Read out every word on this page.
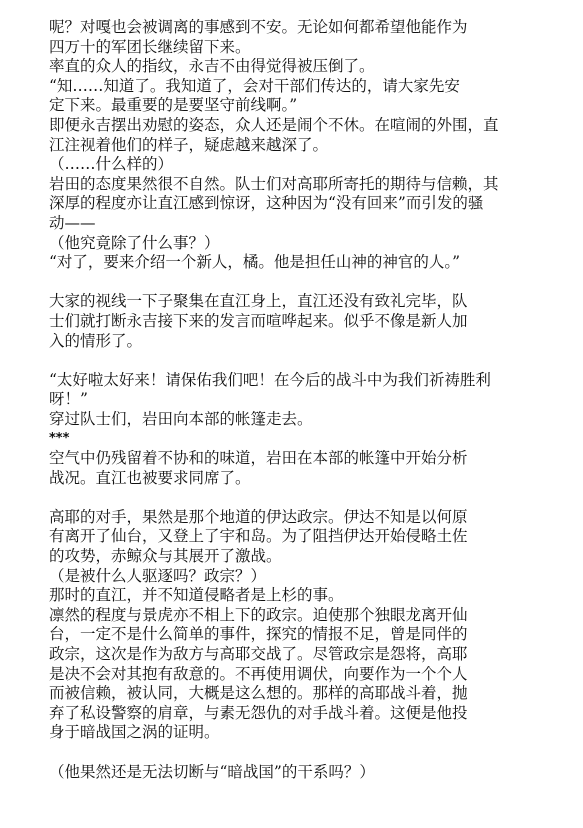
呢？对嘎也会被调离的事感到不安。无论如何都希望他能作为
四万十的军团长继续留下来。
率直的众人的指纹，永吉不由得觉得被压倒了。
“知……知道了。我知道了，会对干部们传达的，请大家先安
定下来。最重要的是要坚守前线啊。”
即便永吉摆出劝慰的姿态，众人还是闹个不休。在喧闹的外围，直
江注视着他们的样子，疑虑越来越深了。
（……什么样的）
岩田的态度果然很不自然。队士们对高耶所寄托的期待与信赖，其
深厚的程度亦让直江感到惊讶，这种因为“没有回来”而引发的骚
动——
（他究竟除了什么事？）
“对了，要来介绍一个新人，橘。他是担任山神的神官的人。”
大家的视线一下子聚集在直江身上，直江还没有致礼完毕，队
士们就打断永吉接下来的发言而喧哗起来。似乎不像是新人加
入的情形了。
“太好啦太好来！请保佑我们吧！在今后的战斗中为我们祈祷胜利
呀！”
穿过队士们，岩田向本部的帐篷走去。
***
空气中仍残留着不协和的味道，岩田在本部的帐篷中开始分析
战况。直江也被要求同席了。
高耶的对手，果然是那个地道的伊达政宗。伊达不知是以何原
有离开了仙台，又登上了宇和岛。为了阻挡伊达开始侵略土佐
的攻势，赤鲸众与其展开了激战。
（是被什么人驱逐吗？政宗？）
那时的直江，并不知道侵略者是上杉的事。
凛然的程度与景虎亦不相上下的政宗。迫使那个独眼龙离开仙
台，一定不是什么简单的事件，探究的情报不足，曾是同伴的
政宗，这次是作为敌方与高耶交战了。尽管政宗是怨将，高耶
是决不会对其抱有敌意的。不再使用调伏，向要作为一个个人
而被信赖，被认同，大概是这么想的。那样的高耶战斗着，抛
弃了私设警察的肩章，与素无怨仇的对手战斗着。这便是他投
身于暗战国之涡的证明。
（他果然还是无法切断与“暗战国”的干系吗？）
